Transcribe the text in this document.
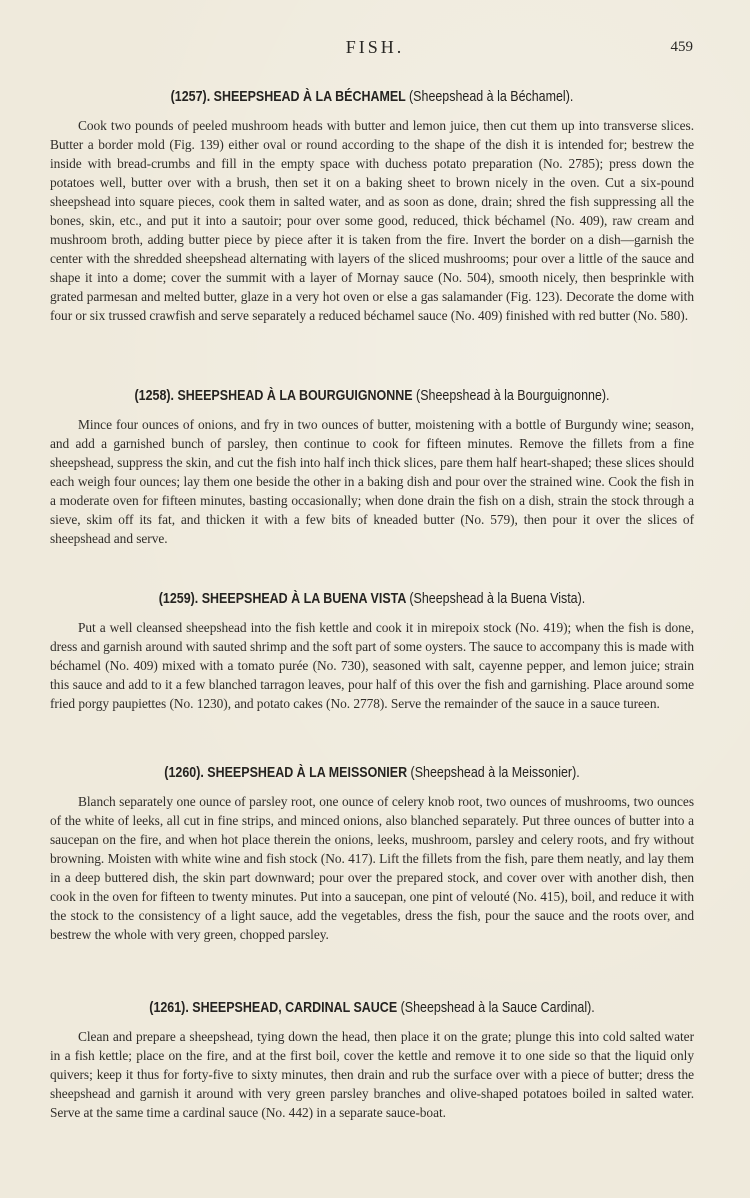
FISH.	459
(1257). SHEEPSHEAD À LA BÉCHAMEL (Sheepshead à la Béchamel).

Cook two pounds of peeled mushroom heads with butter and lemon juice, then cut them up into transverse slices. Butter a border mold (Fig. 139) either oval or round according to the shape of the dish it is intended for; bestrew the inside with bread-crumbs and fill in the empty space with duchess potato preparation (No. 2785); press down the potatoes well, butter over with a brush, then set it on a baking sheet to brown nicely in the oven. Cut a six-pound sheepshead into square pieces, cook them in salted water, and as soon as done, drain; shred the fish suppressing all the bones, skin, etc., and put it into a sautoir; pour over some good, reduced, thick béchamel (No. 409), raw cream and mushroom broth, adding butter piece by piece after it is taken from the fire. Invert the border on a dish—garnish the center with the shredded sheepshead alternating with layers of the sliced mushrooms; pour over a little of the sauce and shape it into a dome; cover the summit with a layer of Mornay sauce (No. 504), smooth nicely, then besprinkle with grated parmesan and melted butter, glaze in a very hot oven or else a gas salamander (Fig. 123). Decorate the dome with four or six trussed crawfish and serve separately a reduced béchamel sauce (No. 409) finished with red butter (No. 580).

(1258). SHEEPSHEAD À LA BOURGUIGNONNE (Sheepshead à la Bourguignonne).

Mince four ounces of onions, and fry in two ounces of butter, moistening with a bottle of Burgundy wine; season, and add a garnished bunch of parsley, then continue to cook for fifteen minutes. Remove the fillets from a fine sheepshead, suppress the skin, and cut the fish into half inch thick slices, pare them half heart-shaped; these slices should each weigh four ounces; lay them one beside the other in a baking dish and pour over the strained wine. Cook the fish in a moderate oven for fifteen minutes, basting occasionally; when done drain the fish on a dish, strain the stock through a sieve, skim off its fat, and thicken it with a few bits of kneaded butter (No. 579), then pour it over the slices of sheepshead and serve.

(1259). SHEEPSHEAD À LA BUENA VISTA (Sheepshead à la Buena Vista).

Put a well cleansed sheepshead into the fish kettle and cook it in mirepoix stock (No. 419); when the fish is done, dress and garnish around with sauted shrimp and the soft part of some oysters. The sauce to accompany this is made with béchamel (No. 409) mixed with a tomato purée (No. 730), seasoned with salt, cayenne pepper, and lemon juice; strain this sauce and add to it a few blanched tarragon leaves, pour half of this over the fish and garnishing. Place around some fried porgy paupiettes (No. 1230), and potato cakes (No. 2778). Serve the remainder of the sauce in a sauce tureen.

(1260). SHEEPSHEAD À LA MEISSONIER (Sheepshead à la Meissonier).

Blanch separately one ounce of parsley root, one ounce of celery knob root, two ounces of mushrooms, two ounces of the white of leeks, all cut in fine strips, and minced onions, also blanched separately. Put three ounces of butter into a saucepan on the fire, and when hot place therein the onions, leeks, mushroom, parsley and celery roots, and fry without browning. Moisten with white wine and fish stock (No. 417). Lift the fillets from the fish, pare them neatly, and lay them in a deep buttered dish, the skin part downward; pour over the prepared stock, and cover over with another dish, then cook in the oven for fifteen to twenty minutes. Put into a saucepan, one pint of velouté (No. 415), boil, and reduce it with the stock to the consistency of a light sauce, add the vegetables, dress the fish, pour the sauce and the roots over, and bestrew the whole with very green, chopped parsley.

(1261). SHEEPSHEAD, CARDINAL SAUCE (Sheepshead à la Sauce Cardinal).

Clean and prepare a sheepshead, tying down the head, then place it on the grate; plunge this into cold salted water in a fish kettle; place on the fire, and at the first boil, cover the kettle and remove it to one side so that the liquid only quivers; keep it thus for forty-five to sixty minutes, then drain and rub the surface over with a piece of butter; dress the sheepshead and garnish it around with very green parsley branches and olive-shaped potatoes boiled in salted water. Serve at the same time a cardinal sauce (No. 442) in a separate sauce-boat.
